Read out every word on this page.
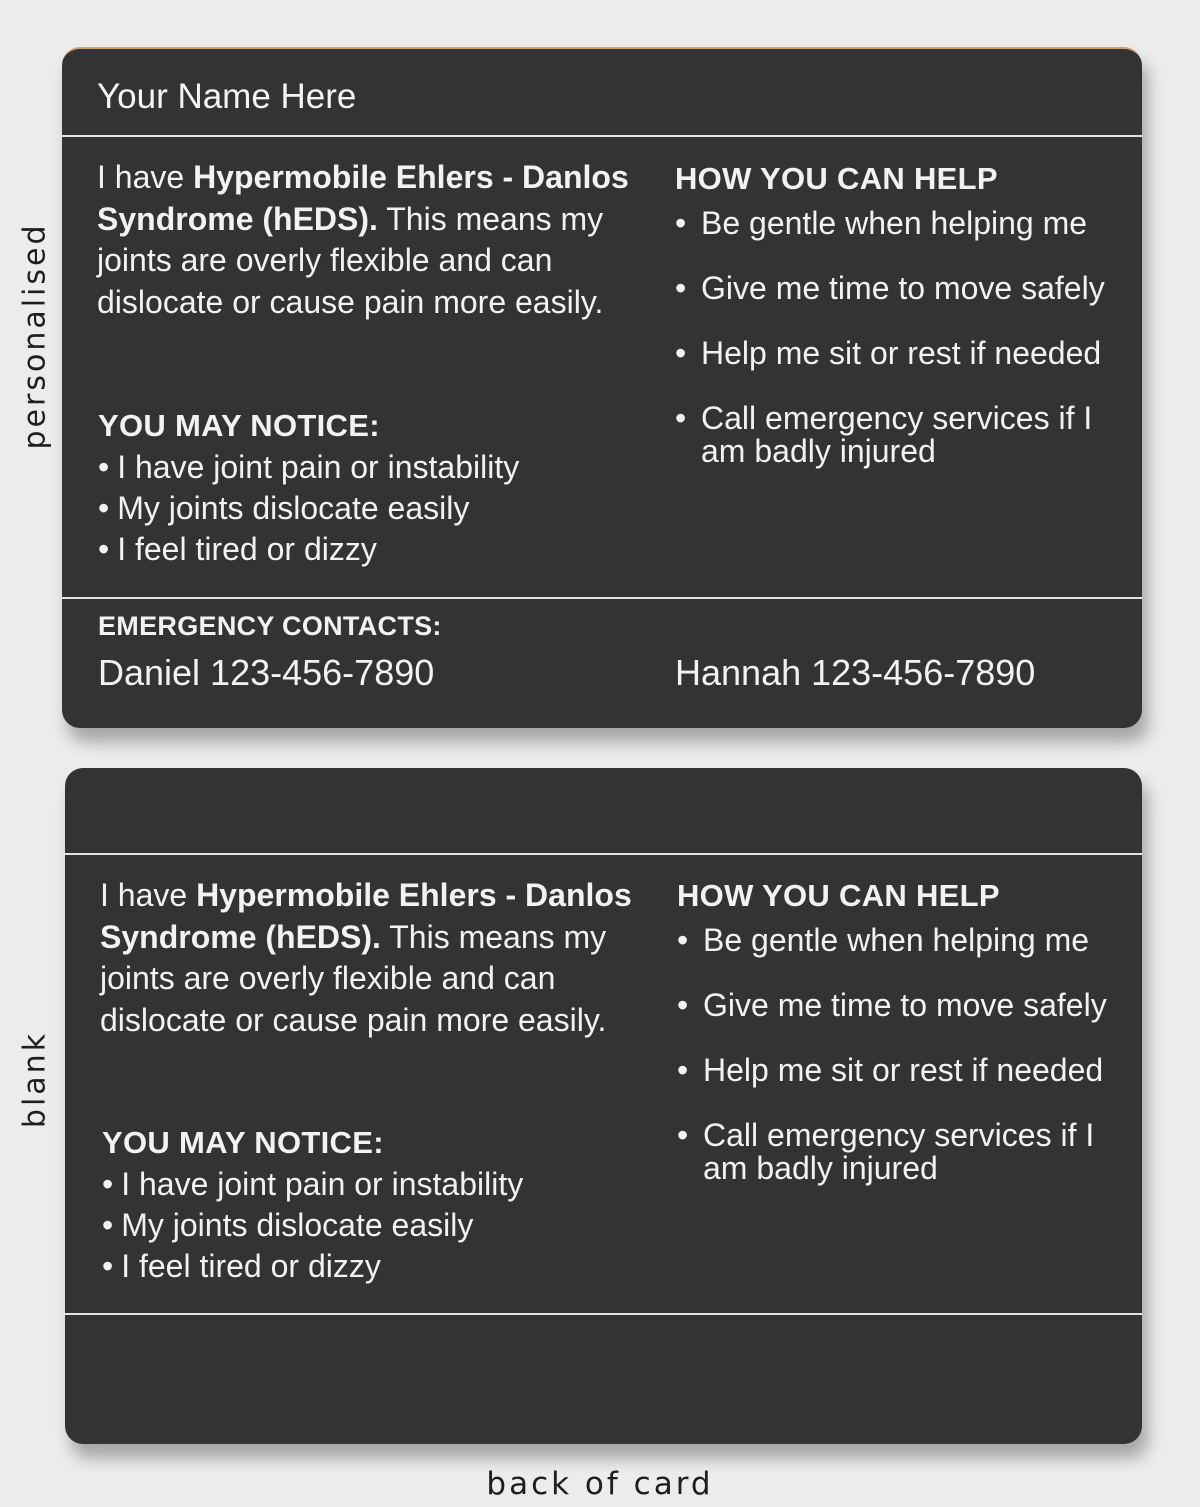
personalised
blank
Your Name Here
I have Hypermobile Ehlers - Danlos Syndrome (hEDS). This means my joints are overly flexible and can dislocate or cause pain more easily.
YOU MAY NOTICE:
• I have joint pain or instability
• My joints dislocate easily
• I feel tired or dizzy
HOW YOU CAN HELP
• Be gentle when helping me
• Give me time to move safely
• Help me sit or rest if needed
• Call emergency services if I am badly injured
EMERGENCY CONTACTS:
Daniel 123-456-7890	Hannah 123-456-7890
I have Hypermobile Ehlers - Danlos Syndrome (hEDS). This means my joints are overly flexible and can dislocate or cause pain more easily.
YOU MAY NOTICE:
• I have joint pain or instability
• My joints dislocate easily
• I feel tired or dizzy
HOW YOU CAN HELP
• Be gentle when helping me
• Give me time to move safely
• Help me sit or rest if needed
• Call emergency services if I am badly injured
back of card
